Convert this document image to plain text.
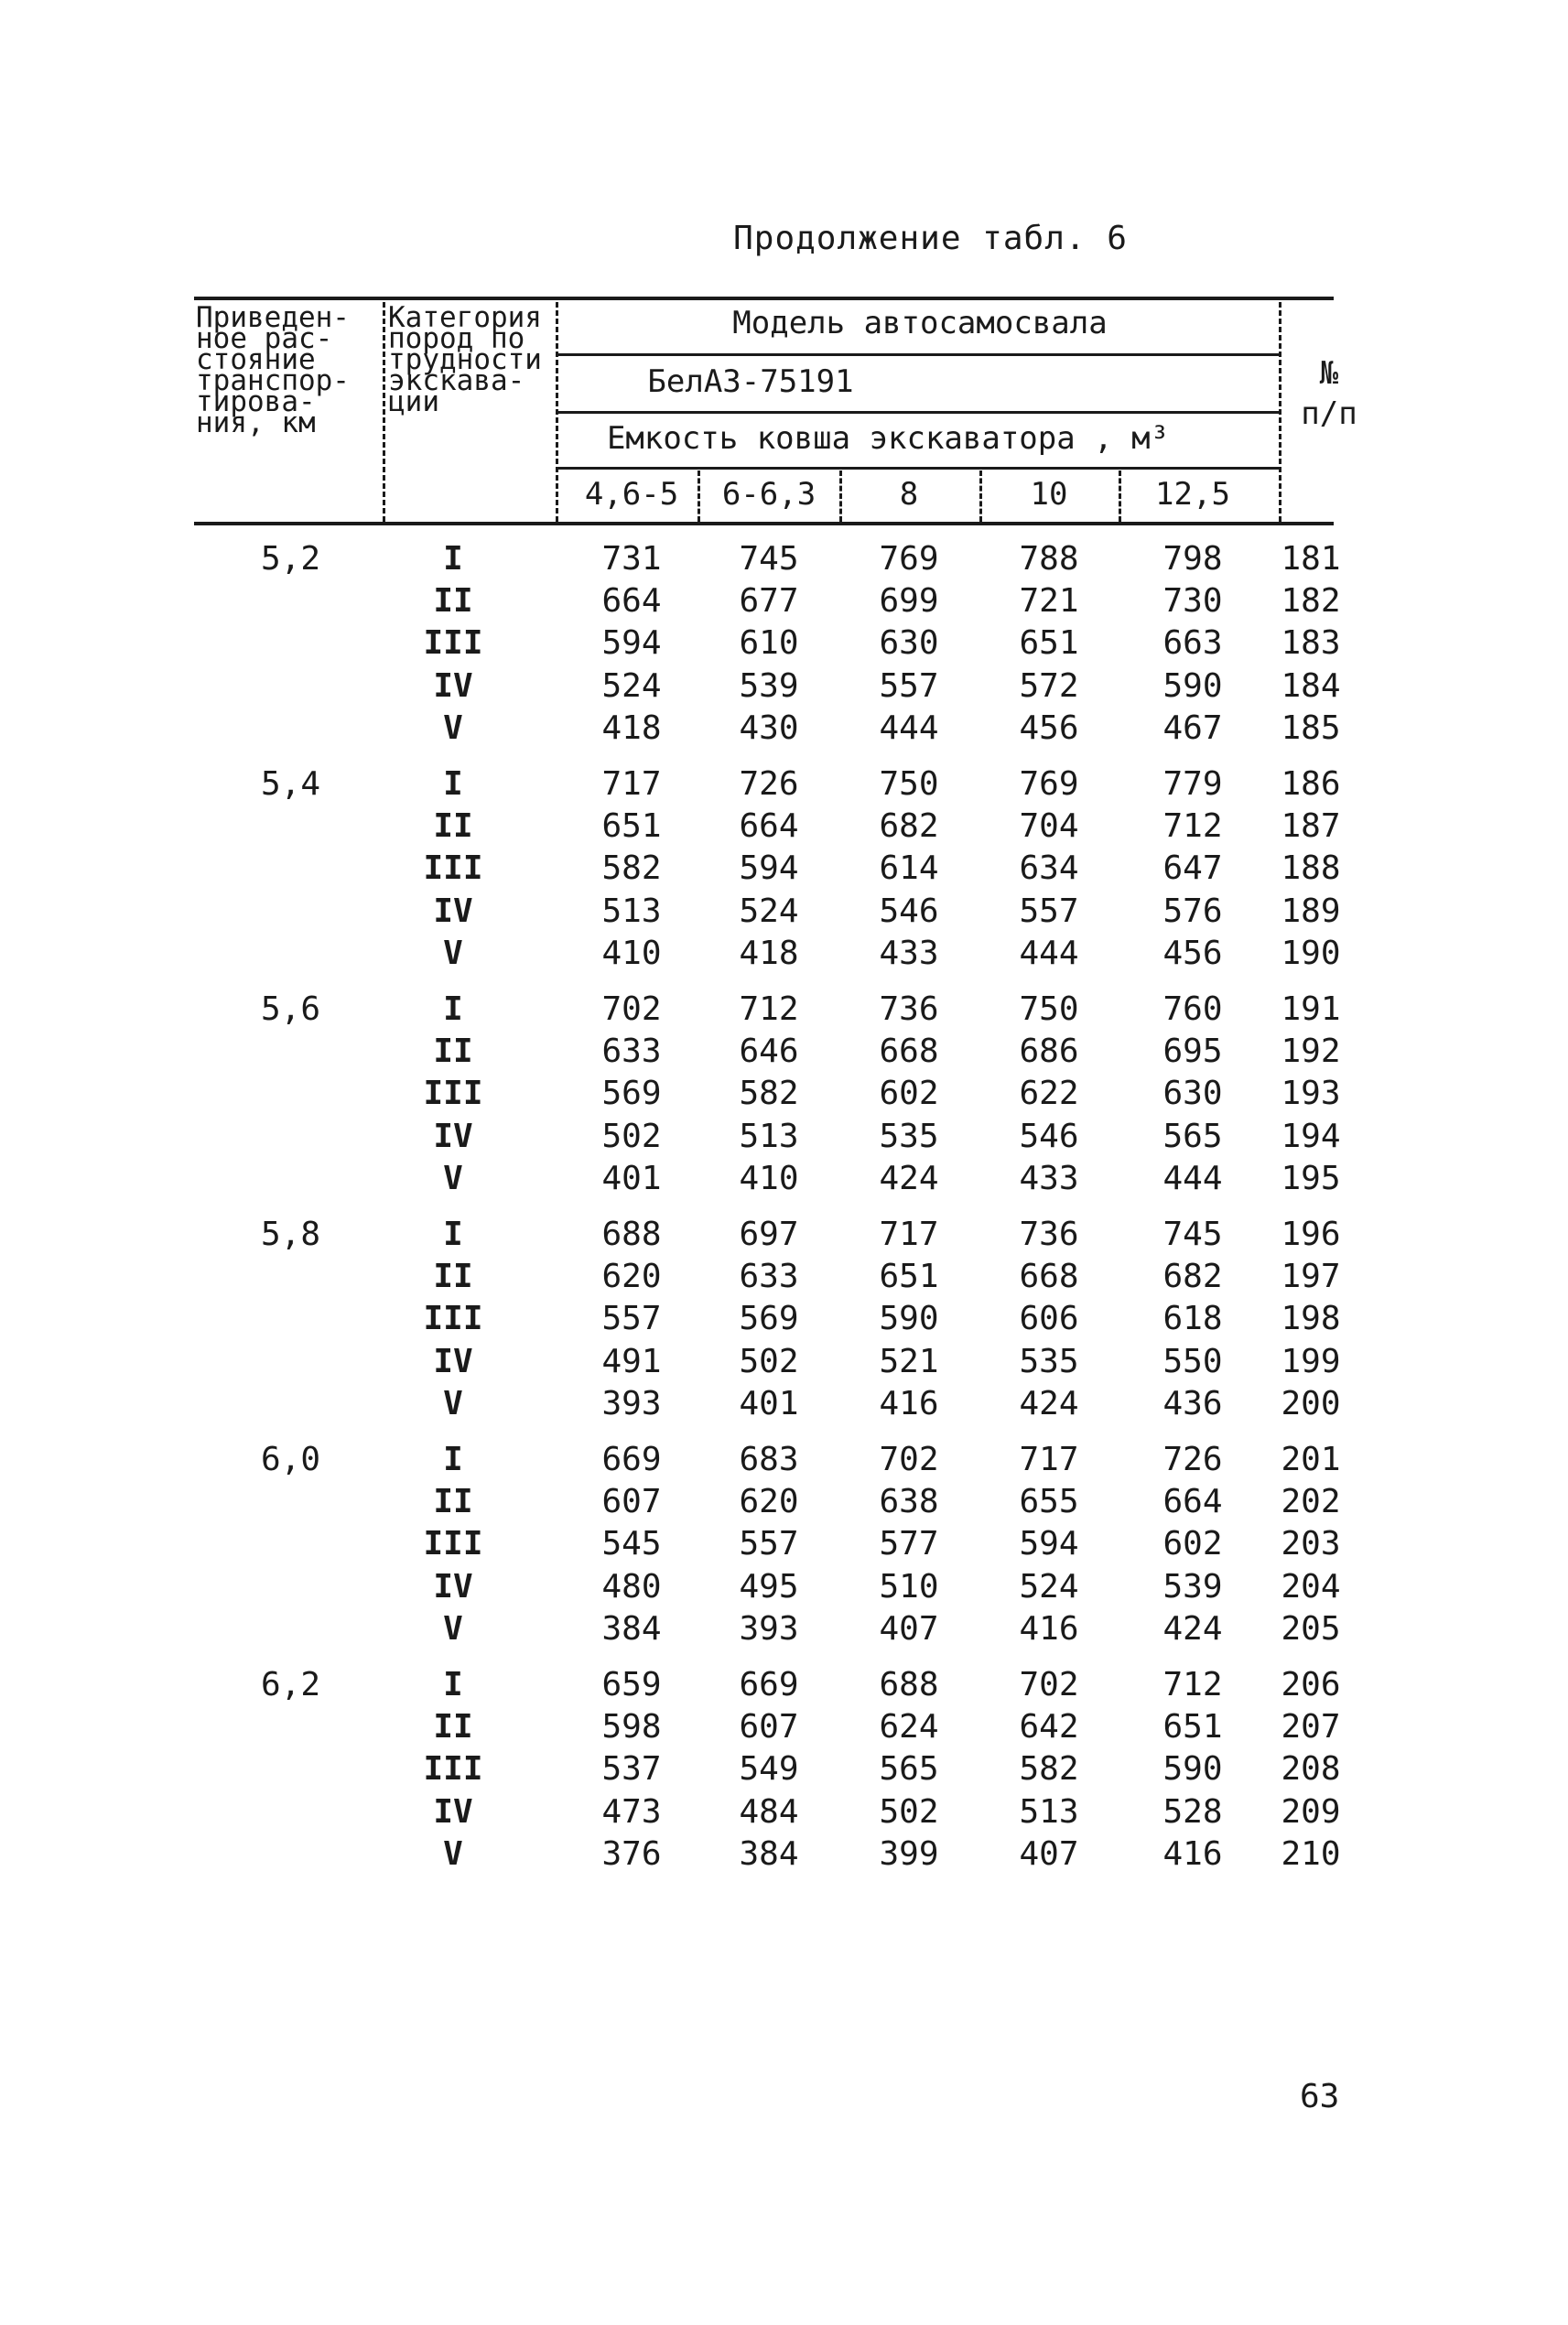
Продолжение табл. 6
Приведен-
ное рас-
стояние
транспор-
тирова-
ния, км
Категория
пород по
трудности
экскава-
ции
Модель автосамосвала
БелАЗ-75191
Емкость ковша экскаватора , м³
№
п/п
4,6-5	6-6,3	8	10	12,5
5,2	I	731	745	769	788	798	181
II	664	677	699	721	730	182
III	594	610	630	651	663	183
IV	524	539	557	572	590	184
V	418	430	444	456	467	185
5,4	I	717	726	750	769	779	186
II	651	664	682	704	712	187
III	582	594	614	634	647	188
IV	513	524	546	557	576	189
V	410	418	433	444	456	190
5,6	I	702	712	736	750	760	191
II	633	646	668	686	695	192
III	569	582	602	622	630	193
IV	502	513	535	546	565	194
V	401	410	424	433	444	195
5,8	I	688	697	717	736	745	196
II	620	633	651	668	682	197
III	557	569	590	606	618	198
IV	491	502	521	535	550	199
V	393	401	416	424	436	200
6,0	I	669	683	702	717	726	201
II	607	620	638	655	664	202
III	545	557	577	594	602	203
IV	480	495	510	524	539	204
V	384	393	407	416	424	205
6,2	I	659	669	688	702	712	206
II	598	607	624	642	651	207
III	537	549	565	582	590	208
IV	473	484	502	513	528	209
V	376	384	399	407	416	210
63
